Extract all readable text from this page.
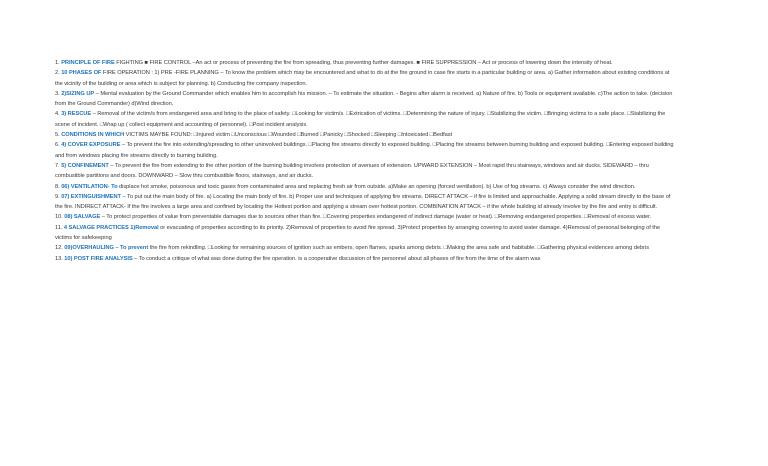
1. PRINCIPLE OF FIRE FIGHTING ■ FIRE CONTROL –An act or process of preventing the fire from spreading, thus preventing further damages. ■ FIRE SUPPRESSION – Act or process of lowering down the intensity of heat.

2. 10 PHASES OF FIRE OPERATION : 1) PRE -FIRE PLANNING – To know the problem which may be encountered and what to do at the fire ground in case fire starts in a particular building or area. a) Gather information about existing conditions at the vicinity of the building or area which is subject for planning. b) Conducting fire company inspection.

3. 2)SIZING UP – Mental evaluation by the Ground Commander which enables him to accomplish his mission. – To estimate the situation. - Begins after alarm is received. a) Nature of fire. b) Tools or equipment available. c)The action to take. (decision from the Ground Commander) d)Wind direction.

4. 3) RESCUE – Removal of the victim/s from endangered area and bring to the place of safety. □Looking for victim/s. □Extrication of victims. □Determining the nature of injury. □Stabilizing the victim. □Bringing victims to a safe place. □Stabilizing the scene of incident. □Wrap up ( collect equipment and accounting of personnel). □Post incident analysis.

5. CONDITIONS IN WHICH VICTIMS MAYBE FOUND: □Injured victim □Unconscious □Wounded □Burned □Panicky □Shocked □Sleeping □Intoxicated □Bedfast

6. 4) COVER EXPOSURE – To prevent the fire into extending/spreading to other uninvolved buildings. □Placing fire streams directly to exposed building. □Placing fire streams between burning building and exposed building. □Entering exposed building and from windows placing fire streams directly to burning building.

7. 5) CONFINEMENT – To prevent the fire from extending to the other portion of the burning building involves protection of avenues of extension. UPWARD EXTENSION – Most rapid thru stairways, windows and air ducks. SIDEWARD – thru combustible partitions and doors. DOWNWARD – Slow thru combustible floors, stairways, and air ducks.

8. 06) VENTILATION- To displace hot smoke, poisonous and toxic gases from contaminated area and replacing fresh air from outside. a)Make an opening (forced ventilation). b) Use of fog streams. c) Always consider the wind direction.

9. 07) EXTINGUISHMENT – To put out the main body of fire. a) Locating the main body of fire. b) Proper use and techniques of applying fire streams. DIRECT ATTACK – if fire is limited and approachable. Applying a solid stream directly to the base of the fire. INDIRECT ATTACK- If the fire involves a large area and confined by locating the Hottest portion and applying a stream over hottest portion. COMBINATION ATTACK – if the whole building id already involve by the fire and entry is difficult.

10. 08) SALVAGE – To protect properties of value from preventable damages due to sources other than fire. □Covering properties endangered of indirect damage (water or heat). □Removing endangered properties. □Removal of excess water.

11. 4 SALVAGE PRACTICES 1)Removal or evacuating of properties according to its priority. 2)Removal of properties to avoid fire spread. 3)Protect properties by arranging covering to avoid water damage. 4)Removal of personal belonging of the victims for safekeeping

12. 09)OVERHAULING – To prevent the fire from rekindling. □Looking for remaining sources of ignition such as embers, open flames, sparks among debris. □Making the area safe and habitable. □Gathering physical evidences among debris

13. 10) POST FIRE ANALYSIS – To conduct a critique of what was done during the fire operation. is a cooperative discussion of fire personnel about all phases of fire from the time of the alarm was
